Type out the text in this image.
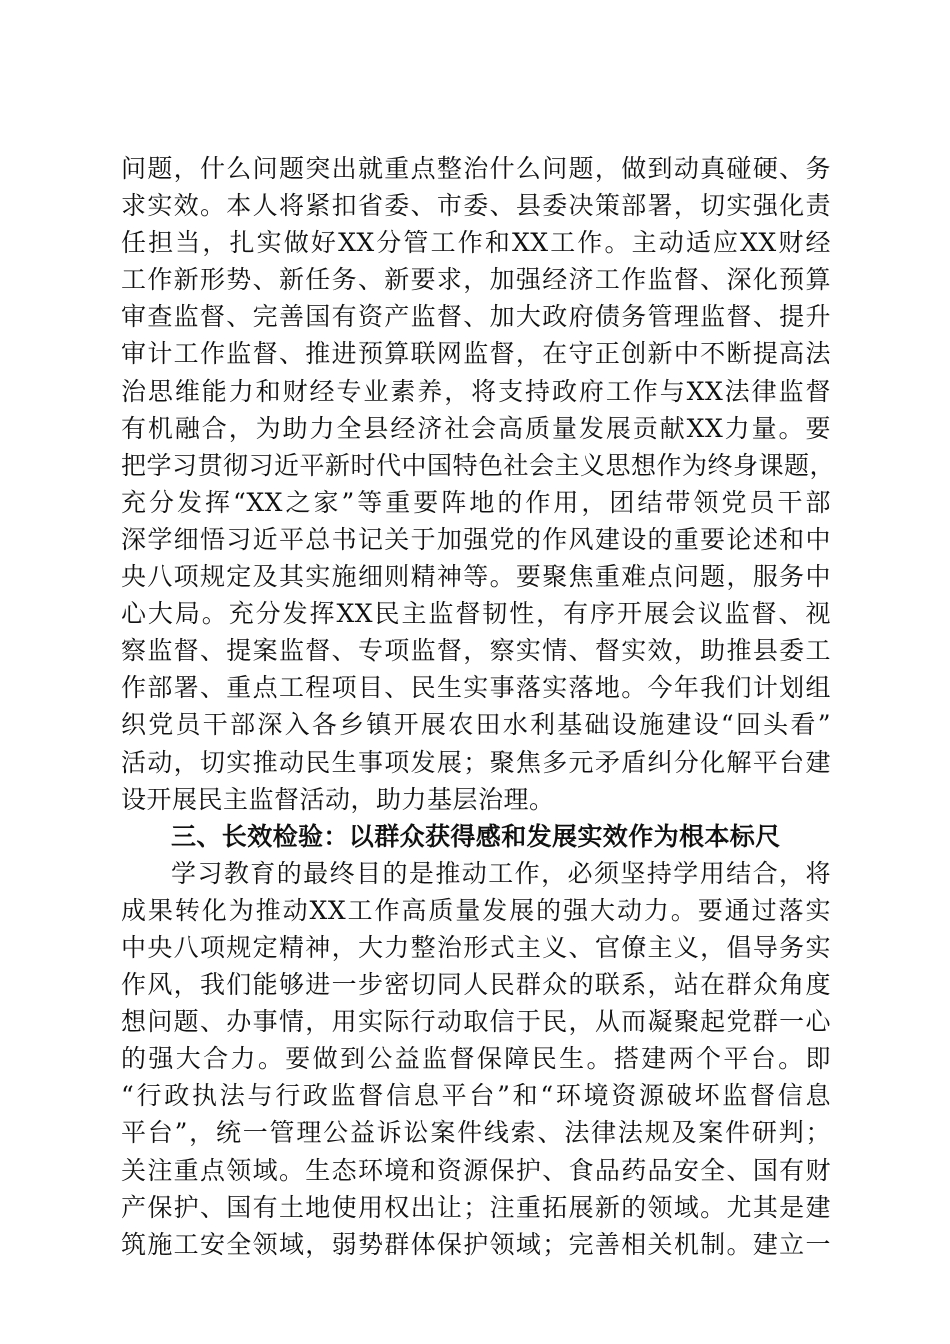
问题，什么问题突出就重点整治什么问题，做到动真碰硬、务
求实效。本人将紧扣省委、市委、县委决策部署，切实强化责
任担当，扎实做好XX分管工作和XX工作。主动适应XX财经
工作新形势、新任务、新要求，加强经济工作监督、深化预算
审查监督、完善国有资产监督、加大政府债务管理监督、提升
审计工作监督、推进预算联网监督，在守正创新中不断提高法
治思维能力和财经专业素养，将支持政府工作与XX法律监督
有机融合，为助力全县经济社会高质量发展贡献XX力量。要
把学习贯彻习近平新时代中国特色社会主义思想作为终身课题，
充分发挥“XX之家”等重要阵地的作用，团结带领党员干部
深学细悟习近平总书记关于加强党的作风建设的重要论述和中
央八项规定及其实施细则精神等。要聚焦重难点问题，服务中
心大局。充分发挥XX民主监督韧性，有序开展会议监督、视
察监督、提案监督、专项监督，察实情、督实效，助推县委工
作部署、重点工程项目、民生实事落实落地。今年我们计划组
织党员干部深入各乡镇开展农田水利基础设施建设“回头看”
活动，切实推动民生事项发展；聚焦多元矛盾纠分化解平台建
设开展民主监督活动，助力基层治理。
三、长效检验：以群众获得感和发展实效作为根本标尺
学习教育的最终目的是推动工作，必须坚持学用结合，将
成果转化为推动XX工作高质量发展的强大动力。要通过落实
中央八项规定精神，大力整治形式主义、官僚主义，倡导务实
作风，我们能够进一步密切同人民群众的联系，站在群众角度
想问题、办事情，用实际行动取信于民，从而凝聚起党群一心
的强大合力。要做到公益监督保障民生。搭建两个平台。即
“行政执法与行政监督信息平台”和“环境资源破坏监督信息
平台”，统一管理公益诉讼案件线索、法律法规及案件研判；
关注重点领域。生态环境和资源保护、食品药品安全、国有财
产保护、国有土地使用权出让；注重拓展新的领域。尤其是建
筑施工安全领域，弱势群体保护领域；完善相关机制。建立一
